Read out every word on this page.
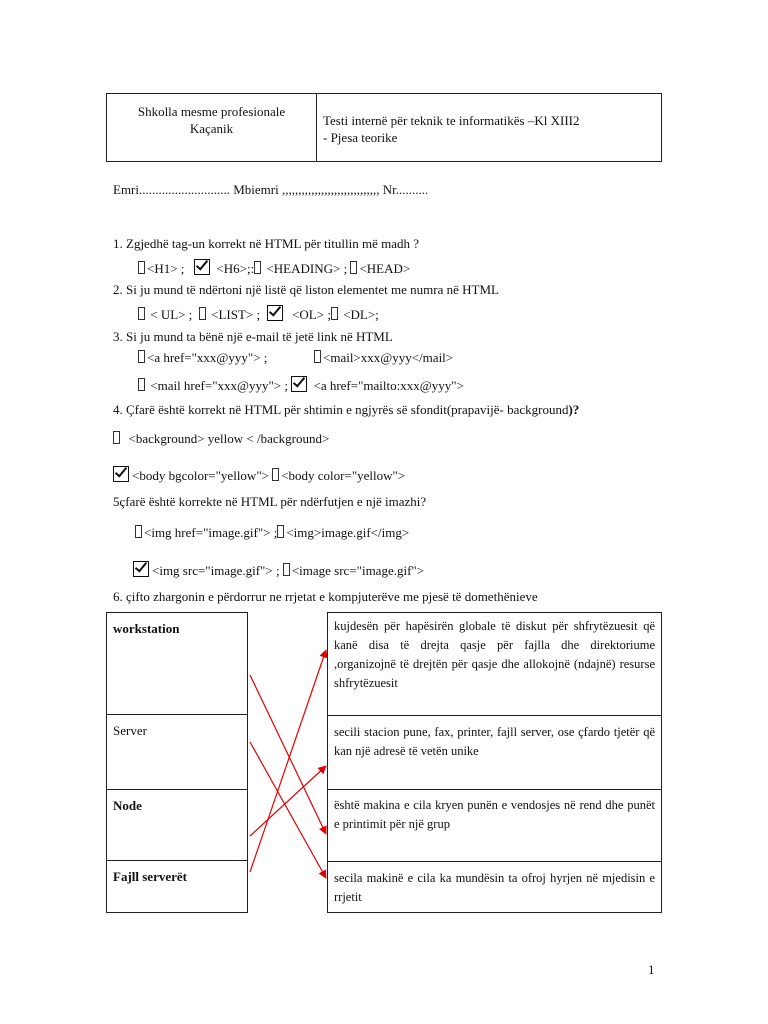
Shkolla mesme profesionale
Kaçanik
Testi internë për teknik te informatikës –Kl XIII2
- Pjesa teorike
Emri............................ Mbiemri ,,,,,,,,,,,,,,,,,,,,,,,,,,,,,, Nr..........
1. Zgjedhë tag-un korrekt në HTML për titullin më madh ?
<H1> ; <H6>;: <HEADING> ; <HEAD>
2. Si ju mund të ndërtoni një listë që liston elementet me numra në HTML
< UL> ; <LIST> ; <OL> ; <DL>;
3. Si ju mund ta bënë një e-mail të jetë link në HTML
<a href="xxx@yyy"> ;	<mail>xxx@yyy</mail>
<mail href="xxx@yyy"> ; <a href="mailto:xxx@yyy">
4. Çfarë është korrekt në HTML për shtimin e ngjyrës së sfondit(prapavijë- background)?
<background> yellow < /background>
<body bgcolor="yellow"> <body color="yellow">
5çfarë është korrekte në HTML për ndërfutjen e një imazhi?
<img href="image.gif"> ; <img>image.gif</img>
<img src="image.gif"> ; <image src="image.gif">
6. çifto zhargonin e përdorrur ne rrjetat e kompjuterëve me pjesë të domethënieve
workstation
Server
Node
Fajll serverët
kujdesën për hapësirën globale të diskut për shfrytëzuesit që kanë disa të drejta qasje për fajlla dhe direktoriume ,organizojnë të drejtën për qasje dhe allokojnë (ndajnë) resurse shfrytëzuesit
secili stacion pune, fax, printer, fajll server, ose çfardo tjetër që kan një adresë të vetën unike
është makina e cila kryen punën e vendosjes në rend dhe punët e printimit për një grup
secila makinë e cila ka mundësin ta ofroj hyrjen në mjedisin e rrjetit
1
